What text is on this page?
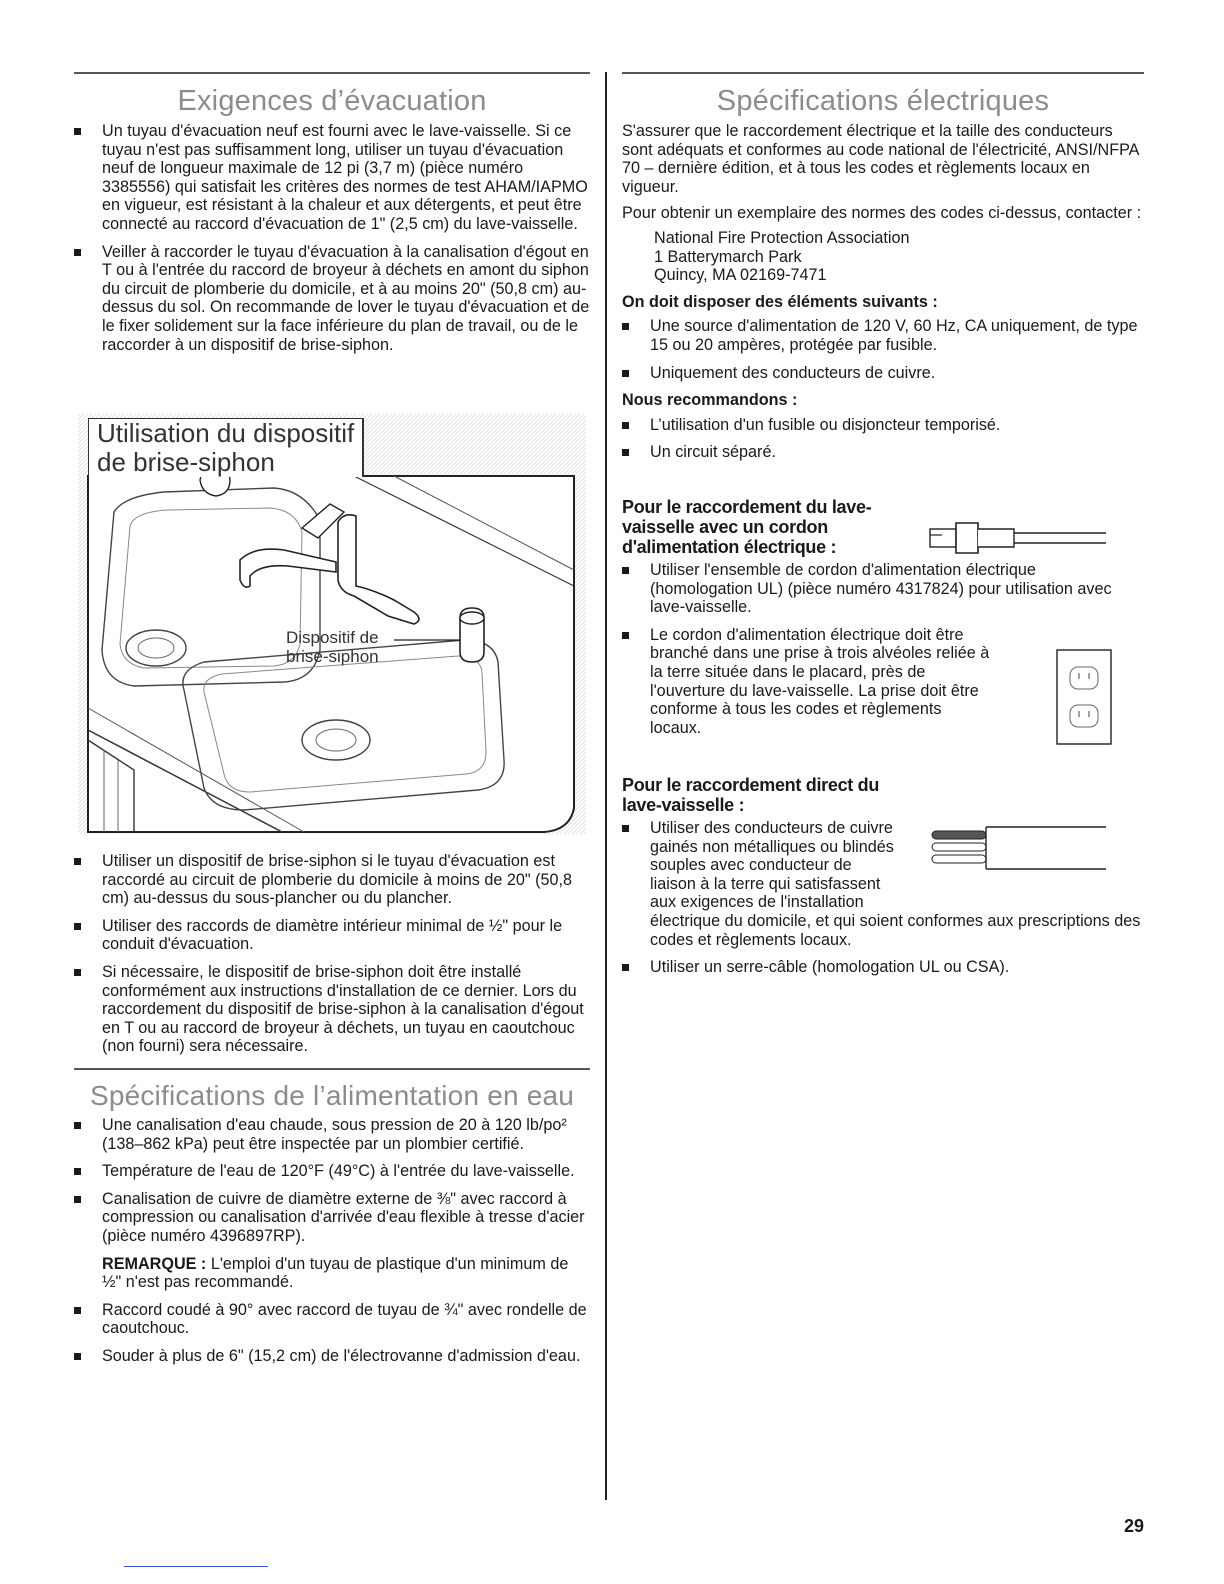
Exigences d’évacuation
Un tuyau d'évacuation neuf est fourni avec le lave-vaisselle. Si ce tuyau n'est pas suffisamment long, utiliser un tuyau d'évacuation neuf de longueur maximale de 12 pi (3,7 m) (pièce numéro 3385556) qui satisfait les critères des normes de test AHAM/IAPMO en vigueur, est résistant à la chaleur et aux détergents, et peut être connecté au raccord d'évacuation de 1" (2,5 cm) du lave-vaisselle.
Veiller à raccorder le tuyau d'évacuation à la canalisation d'égout en T ou à l'entrée du raccord de broyeur à déchets en amont du siphon du circuit de plomberie du domicile, et à au moins 20" (50,8 cm) au-dessus du sol. On recommande de lover le tuyau d'évacuation et de le fixer solidement sur la face inférieure du plan de travail, ou de le raccorder à un dispositif de brise-siphon.
Utilisation du dispositif
de brise-siphon
Dispositif de
brise-siphon
Utiliser un dispositif de brise-siphon si le tuyau d'évacuation est raccordé au circuit de plomberie du domicile à moins de 20" (50,8 cm) au-dessus du sous-plancher ou du plancher.
Utiliser des raccords de diamètre intérieur minimal de ½" pour le conduit d'évacuation.
Si nécessaire, le dispositif de brise-siphon doit être installé conformément aux instructions d'installation de ce dernier. Lors du raccordement du dispositif de brise-siphon à la canalisation d'égout en T ou au raccord de broyeur à déchets, un tuyau en caoutchouc (non fourni) sera nécessaire.
Spécifications de l’alimentation en eau
Une canalisation d'eau chaude, sous pression de 20 à 120 lb/po² (138–862 kPa) peut être inspectée par un plombier certifié.
Température de l'eau de 120°F (49°C) à l'entrée du lave-vaisselle.
Canalisation de cuivre de diamètre externe de ⅜" avec raccord à compression ou canalisation d'arrivée d'eau flexible à tresse d'acier (pièce numéro 4396897RP).

REMARQUE : L'emploi d'un tuyau de plastique d'un minimum de ½" n'est pas recommandé.

Raccord coudé à 90° avec raccord de tuyau de ¾" avec rondelle de caoutchouc.
Souder à plus de 6" (15,2 cm) de l'électrovanne d'admission d'eau.
Spécifications électriques

S'assurer que le raccordement électrique et la taille des conducteurs sont adéquats et conformes au code national de l'électricité, ANSI/NFPA 70 – dernière édition, et à tous les codes et règlements locaux en vigueur.

Pour obtenir un exemplaire des normes des codes ci-dessus, contacter :

National Fire Protection Association

1 Batterymarch Park

Quincy, MA 02169-7471

On doit disposer des éléments suivants :

Une source d'alimentation de 120 V, 60 Hz, CA uniquement, de type 15 ou 20 ampères, protégée par fusible.
Uniquement des conducteurs de cuivre.

Nous recommandons :

L’utilisation d'un fusible ou disjoncteur temporisé.
Un circuit séparé.

Pour le raccordement du lave-

vaisselle avec un cordon

d'alimentation électrique :

Utiliser l'ensemble de cordon d'alimentation électrique (homologation UL) (pièce numéro 4317824) pour utilisation avec lave-vaisselle.
Le cordon d'alimentation électrique doit être branché dans une prise à trois alvéoles reliée à la terre située dans le placard, près de l'ouverture du lave-vaisselle. La prise doit être conforme à tous les codes et règlements locaux.

Pour le raccordement direct du

lave-vaisselle :

Utiliser des conducteurs de cuivre gainés non métalliques ou blindés souples avec conducteur de liaison à la terre qui satisfassent aux exigences de l'installation électrique du domicile, et qui soient conformes aux prescriptions des codes et règlements locaux.
Utiliser un serre-câble (homologation UL ou CSA).
29
